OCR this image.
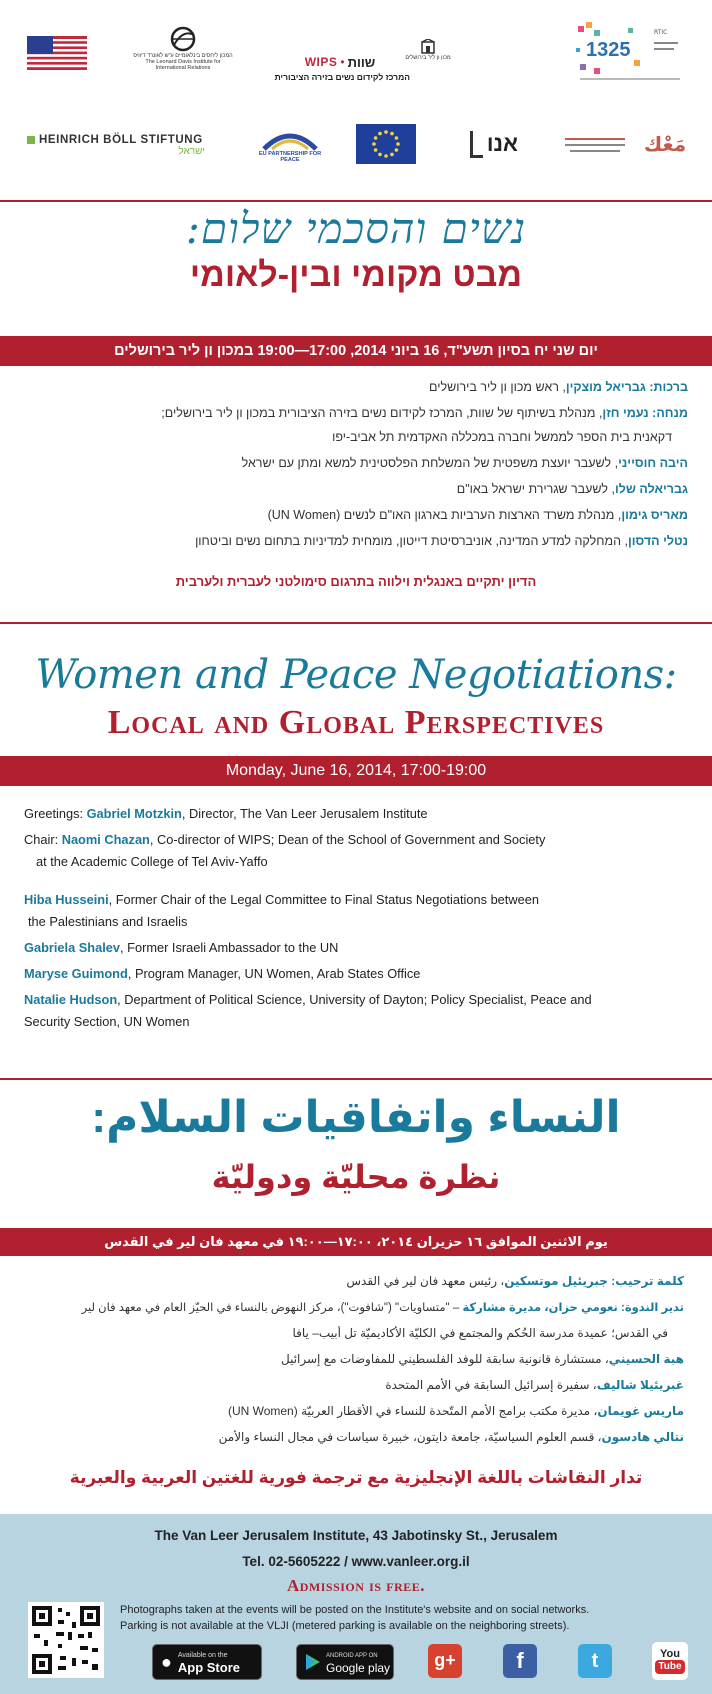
המכון ליחסים בינלאומיים ע"ש לאונרד דיוויס
The Leonard Davis Institute for International Relations	WIPS • שוות
המרכז לקידום נשים בזירה הציבורית
מכון ון ליר בירושלים	1325
RTIC
HEINRICH BÖLL STIFTUNG
ישראל	EU PARTNERSHIP FOR PEACE
אנו	مَعْك
נשים והסכמי שלום:
מבט מקומי ובין-לאומי
יום שני יח בסיון תשע"ד, 16 ביוני 2014, 17:00—19:00 במכון ון ליר בירושלים
ברכות: גבריאל מוצקין, ראש מכון ון ליר בירושלים
מנחה: נעמי חזן, מנהלת בשיתוף של שוות, המרכז לקידום נשים בזירה הציבורית במכון ון ליר בירושלים;
דקאנית בית הספר לממשל וחברה במכללה האקדמית תל אביב-יפו
היבה חוסייני, לשעבר יועצת משפטית של המשלחת הפלסטינית למשא ומתן עם ישראל
גבריאלה שלו, לשעבר שגרירת ישראל באו"ם
מאריס גימון, מנהלת משרד הארצות הערביות בארגון האו"ם לנשים (UN Women)
נטלי הדסון, המחלקה למדע המדינה, אוניברסיטת דייטון, מומחית למדיניות בתחום נשים וביטחון
הדיון יתקיים באנגלית וילווה בתרגום סימולטני לעברית ולערבית
Women and Peace Negotiations:
Local and Global Perspectives
Monday, June 16, 2014, 17:00-19:00
Greetings: Gabriel Motzkin, Director, The Van Leer Jerusalem Institute
Chair: Naomi Chazan, Co-director of WIPS; Dean of the School of Government and Society
at the Academic College of Tel Aviv-Yaffo
Hiba Husseini, Former Chair of the Legal Committee to Final Status Negotiations between
the Palestinians and Israelis
Gabriela Shalev, Former Israeli Ambassador to the UN
Maryse Guimond, Program Manager, UN Women, Arab States Office
Natalie Hudson, Department of Political Science, University of Dayton; Policy Specialist, Peace and
Security Section, UN Women
النساء واتفاقيات السلام:
نظرة محليّة ودوليّة
يوم الاثنين الموافق ١٦ حزيران ٢٠١٤، ١٧:٠٠—١٩:٠٠ في معهد فان لير في القدس
كلمة ترحيب: جبريئيل موتسكين، رئيس معهد فان لير في القدس
تدير الندوة: نعومي حزان، مديرة مشاركة – "متساويات" ("شافوت")، مركز النهوض بالنساء في الحيّز العام في معهد فان لير
في القدس؛ عميدة مدرسة الحُكم والمجتمع في الكليّة الأكاديميّة تل أبيب– يافا
هبة الحسيني، مستشارة قانونية سابقة للوفد الفلسطيني للمفاوضات مع إسرائيل
غبريئيلا شاليف، سفيرة إسرائيل السابقة في الأمم المتحدة
ماريس غويمان، مديرة مكتب برامج الأمم المتّحدة للنساء في الأقطار العربيّة (UN Women)
نتالي هادسون، قسم العلوم السياسيّة، جامعة دايتون، خبيرة سياسات في مجال النساء والأمن
تدار النقاشات باللغة الإنجليزية مع ترجمة فورية للغتين العربية والعبرية
The Van Leer Jerusalem Institute, 43 Jabotinsky St., Jerusalem
Tel. 02-5605222 / www.vanleer.org.il
Admission is free.
Photographs taken at the events will be posted on the Institute's website and on social networks.
Parking is not available at the VLJI (metered parking is available on the neighboring streets).
● Available on the
App Store
ANDROID APP ON
Google play	g+	f	t	You
Tube
